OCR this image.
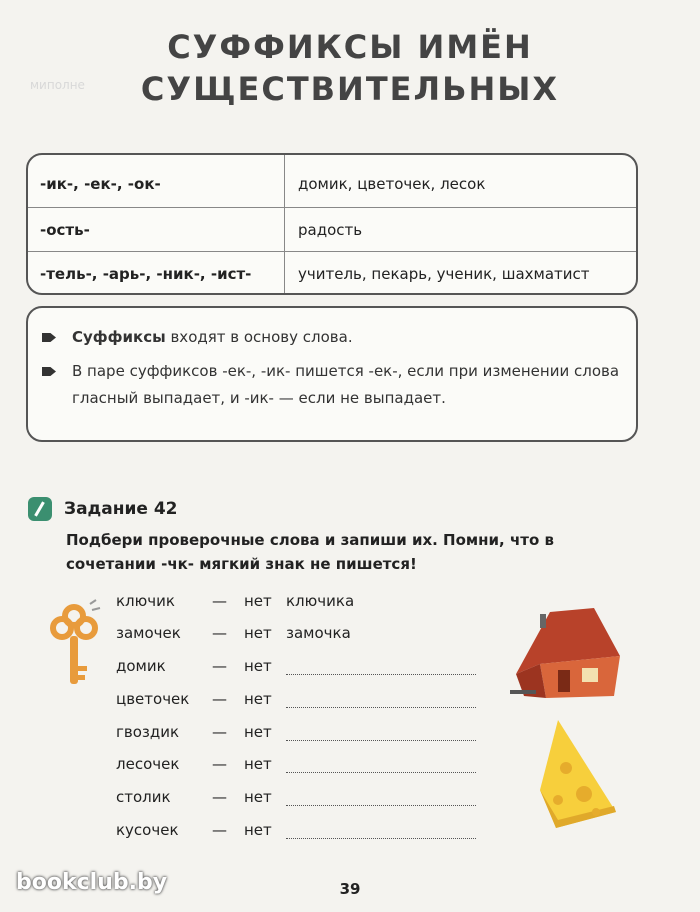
миполне
СУФФИКСЫ ИМЁН
СУЩЕСТВИТЕЛЬНЫХ
-ик-, -ек-, -ок-	домик, цветочек, лесок
-ость-	радость
-тель-, -арь-, -ник-, -ист-	учитель, пекарь, ученик, шахматист
Суффиксы входят в основу слова.
В паре суффиксов -ек-, -ик- пишется -ек-, если при изменении слова гласный выпадает, и -ик- — если не выпадает.
Задание 42
Подбери проверочные слова и запиши их. Помни, что в сочетании -чк- мягкий знак не пишется!
ключик	—	нет ключика
замочек	—	нет замочка
домик	—	нет
цветочек	—	нет
гвоздик	—	нет
лесочек	—	нет
столик	—	нет
кусочек	—	нет
39
bookclub.by
